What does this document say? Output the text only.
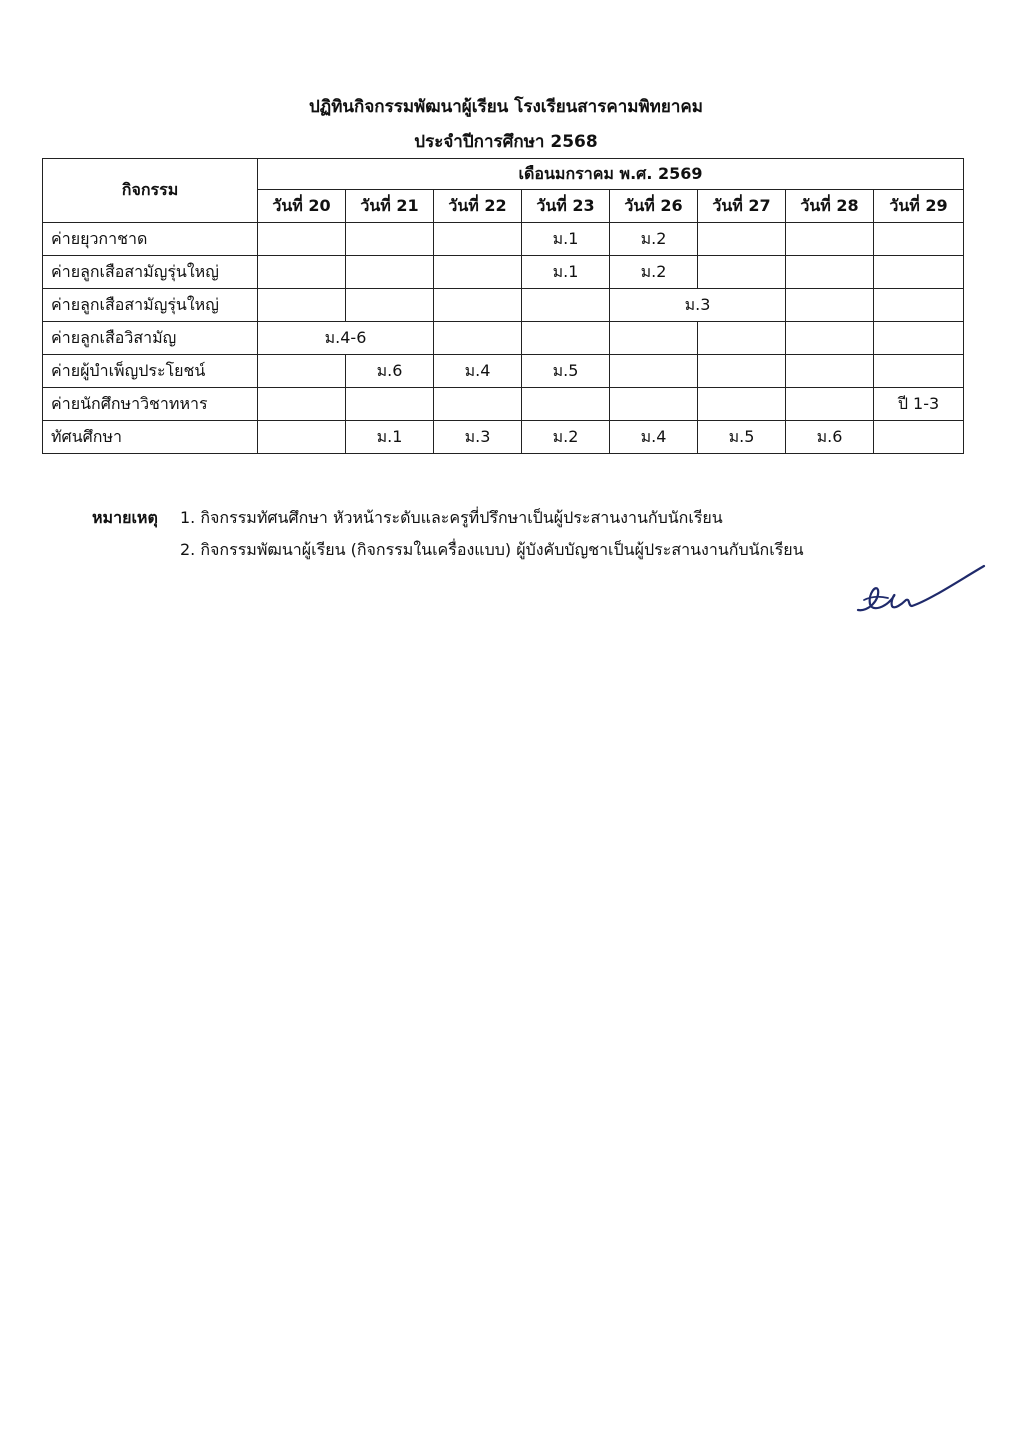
ปฏิทินกิจกรรมพัฒนาผู้เรียน โรงเรียนสารคามพิทยาคม
ประจำปีการศึกษา 2568
กิจกรรม	เดือนมกราคม พ.ศ. 2569							
	วันที่ 20	วันที่ 21	วันที่ 22	วันที่ 23	วันที่ 26	วันที่ 27	วันที่ 28	วันที่ 29
ค่ายยุวกาชาด				ม.1	ม.2			
ค่ายลูกเสือสามัญรุ่นใหญ่				ม.1	ม.2			
ค่ายลูกเสือสามัญรุ่นใหญ่					ม.3			
ค่ายลูกเสือวิสามัญ	ม.4-6							
ค่ายผู้บำเพ็ญประโยชน์		ม.6	ม.4	ม.5				
ค่ายนักศึกษาวิชาทหาร								ปี 1-3
ทัศนศึกษา		ม.1	ม.3	ม.2	ม.4	ม.5	ม.6	
หมายเหตุ	1. กิจกรรมทัศนศึกษา หัวหน้าระดับและครูที่ปรึกษาเป็นผู้ประสานงานกับนักเรียน
2. กิจกรรมพัฒนาผู้เรียน (กิจกรรมในเครื่องแบบ) ผู้บังคับบัญชาเป็นผู้ประสานงานกับนักเรียน
